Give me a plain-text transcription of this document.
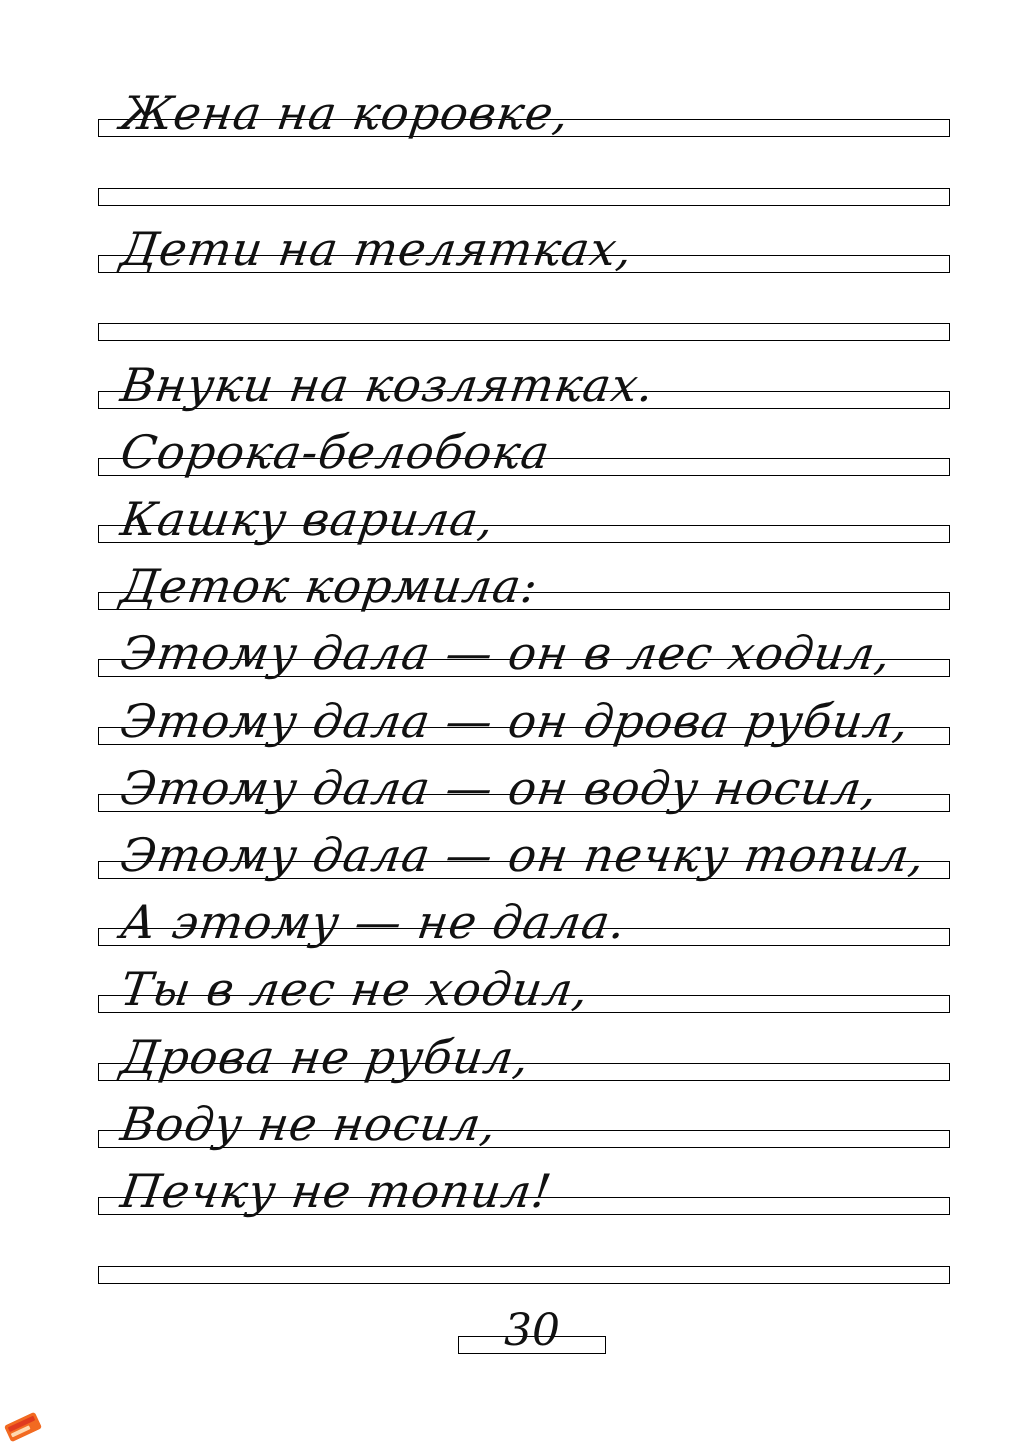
Жена на коровке,
Дети на телятках,
Внуки на козлятках.
Сорока-белобока
Кашку варила,
Деток кормила:
Этому дала — он в лес ходил,
Этому дала — он дрова рубил,
Этому дала — он воду носил,
Этому дала — он печку топил,
А этому — не дала.
Ты в лес не ходил,
Дрова не рубил,
Воду не носил,
Печку не топил!
30
